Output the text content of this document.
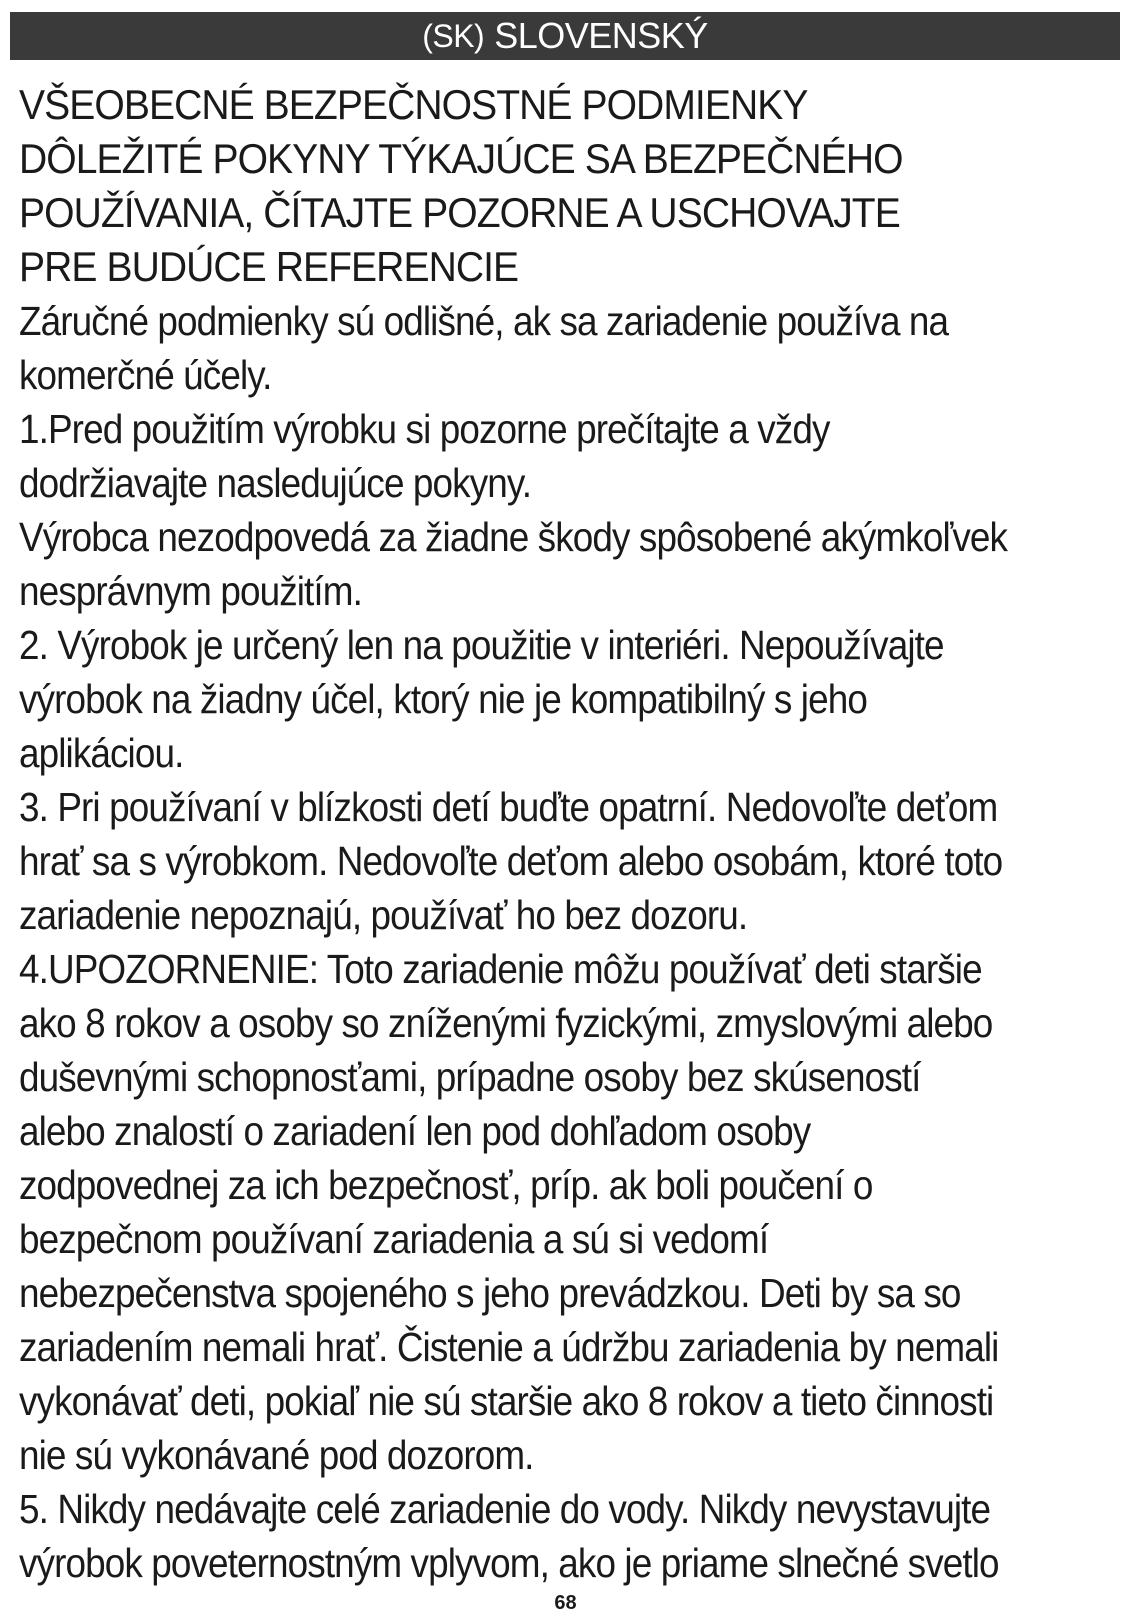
(SK) SLOVENSKÝ
VŠEOBECNÉ BEZPEČNOSTNÉ PODMIENKY
DÔLEŽITÉ POKYNY TÝKAJÚCE SA BEZPEČNÉHO
POUŽÍVANIA, ČÍTAJTE POZORNE A USCHOVAJTE
PRE BUDÚCE REFERENCIE
Záručné podmienky sú odlišné, ak sa zariadenie používa na
komerčné účely.
1.Pred použitím výrobku si pozorne prečítajte a vždy
dodržiavajte nasledujúce pokyny.
Výrobca nezodpovedá za žiadne škody spôsobené akýmkoľvek
nesprávnym použitím.
2. Výrobok je určený len na použitie v interiéri. Nepoužívajte
výrobok na žiadny účel, ktorý nie je kompatibilný s jeho
aplikáciou.
3. Pri používaní v blízkosti detí buďte opatrní. Nedovoľte deťom
hrať sa s výrobkom. Nedovoľte deťom alebo osobám, ktoré toto
zariadenie nepoznajú, používať ho bez dozoru.
4.UPOZORNENIE: Toto zariadenie môžu používať deti staršie
ako 8 rokov a osoby so zníženými fyzickými, zmyslovými alebo
duševnými schopnosťami, prípadne osoby bez skúseností
alebo znalostí o zariadení len pod dohľadom osoby
zodpovednej za ich bezpečnosť, príp. ak boli poučení o
bezpečnom používaní zariadenia a sú si vedomí
nebezpečenstva spojeného s jeho prevádzkou. Deti by sa so
zariadením nemali hrať. Čistenie a údržbu zariadenia by nemali
vykonávať deti, pokiaľ nie sú staršie ako 8 rokov a tieto činnosti
nie sú vykonávané pod dozorom.
5. Nikdy nedávajte celé zariadenie do vody. Nikdy nevystavujte
výrobok poveternostným vplyvom, ako je priame slnečné svetlo
68
